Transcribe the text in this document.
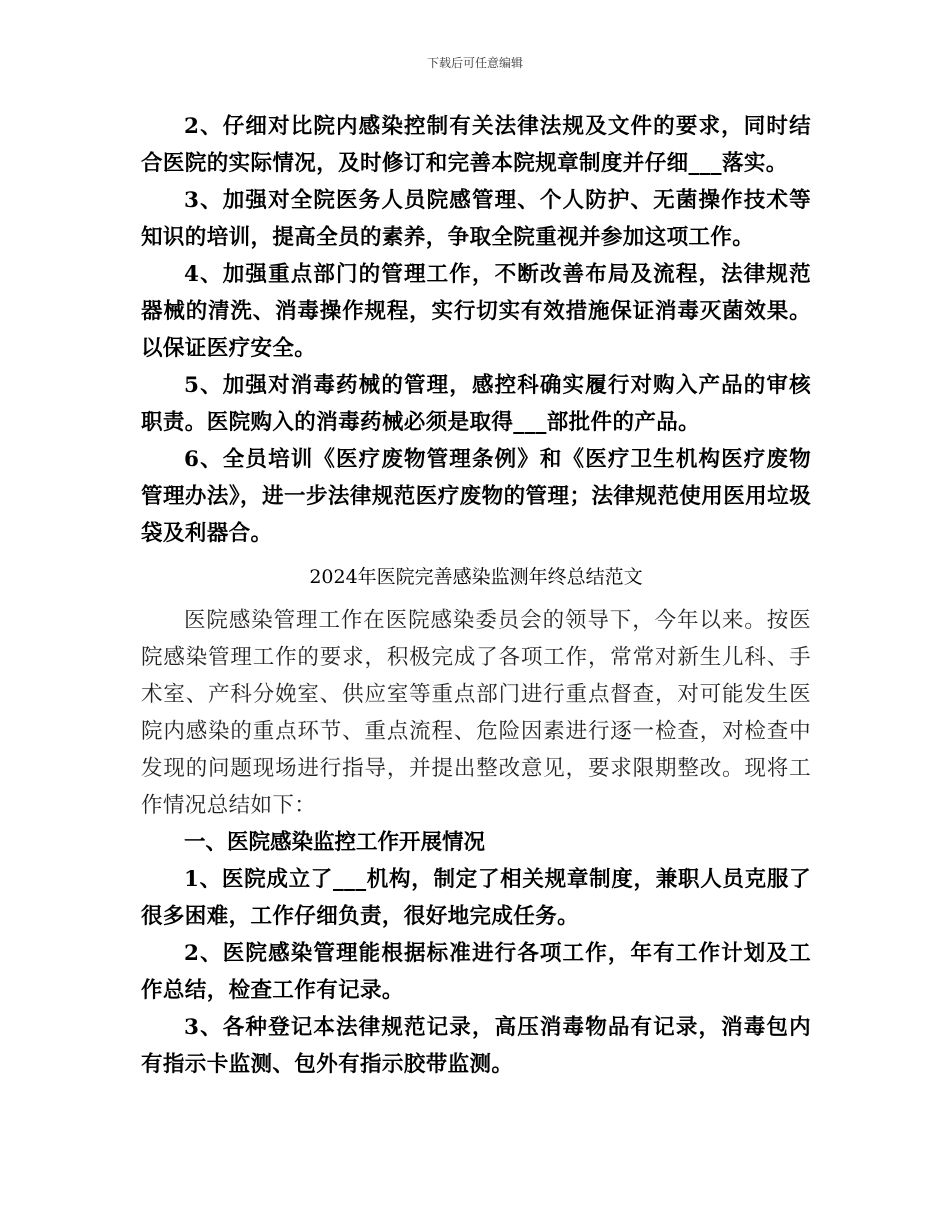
下载后可任意编辑

2、仔细对比院内感染控制有关法律法规及文件的要求，同时结合医院的实际情况，及时修订和完善本院规章制度并仔细___落实。

3、加强对全院医务人员院感管理、个人防护、无菌操作技术等知识的培训，提高全员的素养，争取全院重视并参加这项工作。

4、加强重点部门的管理工作，不断改善布局及流程，法律规范器械的清洗、消毒操作规程，实行切实有效措施保证消毒灭菌效果。以保证医疗安全。

5、加强对消毒药械的管理，感控科确实履行对购入产品的审核职责。医院购入的消毒药械必须是取得___部批件的产品。

6、全员培训《医疗废物管理条例》和《医疗卫生机构医疗废物管理办法》，进一步法律规范医疗废物的管理；法律规范使用医用垃圾袋及利器合。

2024年医院完善感染监测年终总结范文

医院感染管理工作在医院感染委员会的领导下，今年以来。按医院感染管理工作的要求，积极完成了各项工作，常常对新生儿科、手术室、产科分娩室、供应室等重点部门进行重点督查，对可能发生医院内感染的重点环节、重点流程、危险因素进行逐一检查，对检查中发现的问题现场进行指导，并提出整改意见，要求限期整改。现将工作情况总结如下：

一、医院感染监控工作开展情况

1、医院成立了___机构，制定了相关规章制度，兼职人员克服了很多困难，工作仔细负责，很好地完成任务。

2、医院感染管理能根据标准进行各项工作，年有工作计划及工作总结，检查工作有记录。

3、各种登记本法律规范记录，高压消毒物品有记录，消毒包内有指示卡监测、包外有指示胶带监测。
